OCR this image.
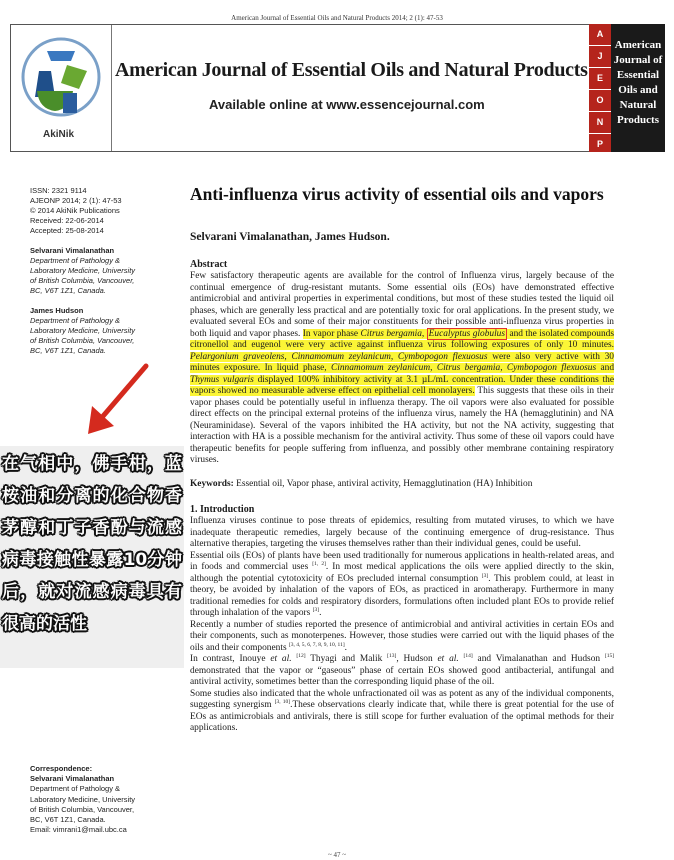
American Journal of Essential Oils and Natural Products 2014; 2 (1): 47-53
AkiNik
American Journal of Essential Oils and Natural Products
Available online at www.essencejournal.com
A
J
E
O
N
P
American
Journal of
Essential
Oils and
Natural
Products
ISSN: 2321 9114
AJEONP 2014; 2 (1): 47-53
© 2014 AkiNik Publications
Received: 22-06-2014
Accepted: 25-08-2014
Selvarani Vimalanathan
Department of Pathology &
Laboratory Medicine, University
of British Columbia, Vancouver,
BC, V6T 1Z1, Canada.
James Hudson
Department of Pathology &
Laboratory Medicine, University
of British Columbia, Vancouver,
BC, V6T 1Z1, Canada.
在气相中，佛手柑，蓝桉油和分离的化合物香茅醇和丁子香酚与流感病毒接触性暴露10分钟后，就对流感病毒具有很高的活性
Correspondence:
Selvarani Vimalanathan
Department of Pathology &
Laboratory Medicine, University
of British Columbia, Vancouver,
BC, V6T 1Z1, Canada.
Email: vimrani1@mail.ubc.ca
Anti-influenza virus activity of essential oils and vapors
Selvarani Vimalanathan, James Hudson.
Abstract

Few satisfactory therapeutic agents are available for the control of Influenza virus, largely because of the continual emergence of drug-resistant mutants. Some essential oils (EOs) have demonstrated effective antimicrobial and antiviral properties in experimental conditions, but most of these studies tested the liquid oil phases, which are generally less practical and are potentially toxic for oral applications. In the present study, we evaluated several EOs and some of their major constituents for their possible anti-influenza virus properties in both liquid and vapor phases. In vapor phase Citrus bergamia, Eucalyptus globulus and the isolated compounds citronellol and eugenol were very active against influenza virus following exposures of only 10 minutes. Pelargonium graveolens, Cinnamomum zeylanicum, Cymbopogon flexuosus were also very active with 30 minutes exposure. In liquid phase, Cinnamomum zeylanicum, Citrus bergamia, Cymbopogon flexuosus and Thymus vulgaris displayed 100% inhibitory activity at 3.1 µL/mL concentration. Under these conditions the vapors showed no measurable adverse effect on epithelial cell monolayers. This suggests that these oils in their vapor phases could be potentially useful in influenza therapy. The oil vapors were also evaluated for possible direct effects on the principal external proteins of the influenza virus, namely the HA (hemagglutinin) and NA (Neuraminidase). Several of the vapors inhibited the HA activity, but not the NA activity, suggesting that interaction with HA is a possible mechanism for the antiviral activity. Thus some of these oil vapors could have therapeutic benefits for people suffering from influenza, and possibly other membrane containing respiratory viruses.

Keywords: Essential oil, Vapor phase, antiviral activity, Hemagglutination (HA) Inhibition

1. Introduction

Influenza viruses continue to pose threats of epidemics, resulting from mutated viruses, to which we have inadequate therapeutic remedies, largely because of the continuing emergence of drug-resistance. Thus alternative therapies, targeting the viruses themselves rather than their individual genes, could be useful.

Essential oils (EOs) of plants have been used traditionally for numerous applications in health-related areas, and in foods and commercial uses [1, 2]. In most medical applications the oils were applied directly to the skin, although the potential cytotoxicity of EOs precluded internal consumption [3]. This problem could, at least in theory, be avoided by inhalation of the vapors of EOs, as practiced in aromatherapy. Furthermore in many traditional remedies for colds and respiratory disorders, formulations often included plant EOs to provide relief through inhalation of the vapors [3].

Recently a number of studies reported the presence of antimicrobial and antiviral activities in certain EOs and their components, such as monoterpenes. However, those studies were carried out with the liquid phases of the oils and their components [3, 4, 5, 6, 7, 8, 9, 10, 11].

In contrast, Inouye et al. [12] Thyagi and Malik [13], Hudson et al. [14] and Vimalanathan and Hudson [15] demonstrated that the vapor or “gaseous” phase of certain EOs showed good antibacterial, antifungal and antiviral activity, sometimes better than the corresponding liquid phase of the oil.

Some studies also indicated that the whole unfractionated oil was as potent as any of the individual components, suggesting synergism [3, 10].These observations clearly indicate that, while there is great potential for the use of EOs as antimicrobials and antivirals, there is still scope for further evaluation of the optimal methods for their applications.

~ 47 ~
